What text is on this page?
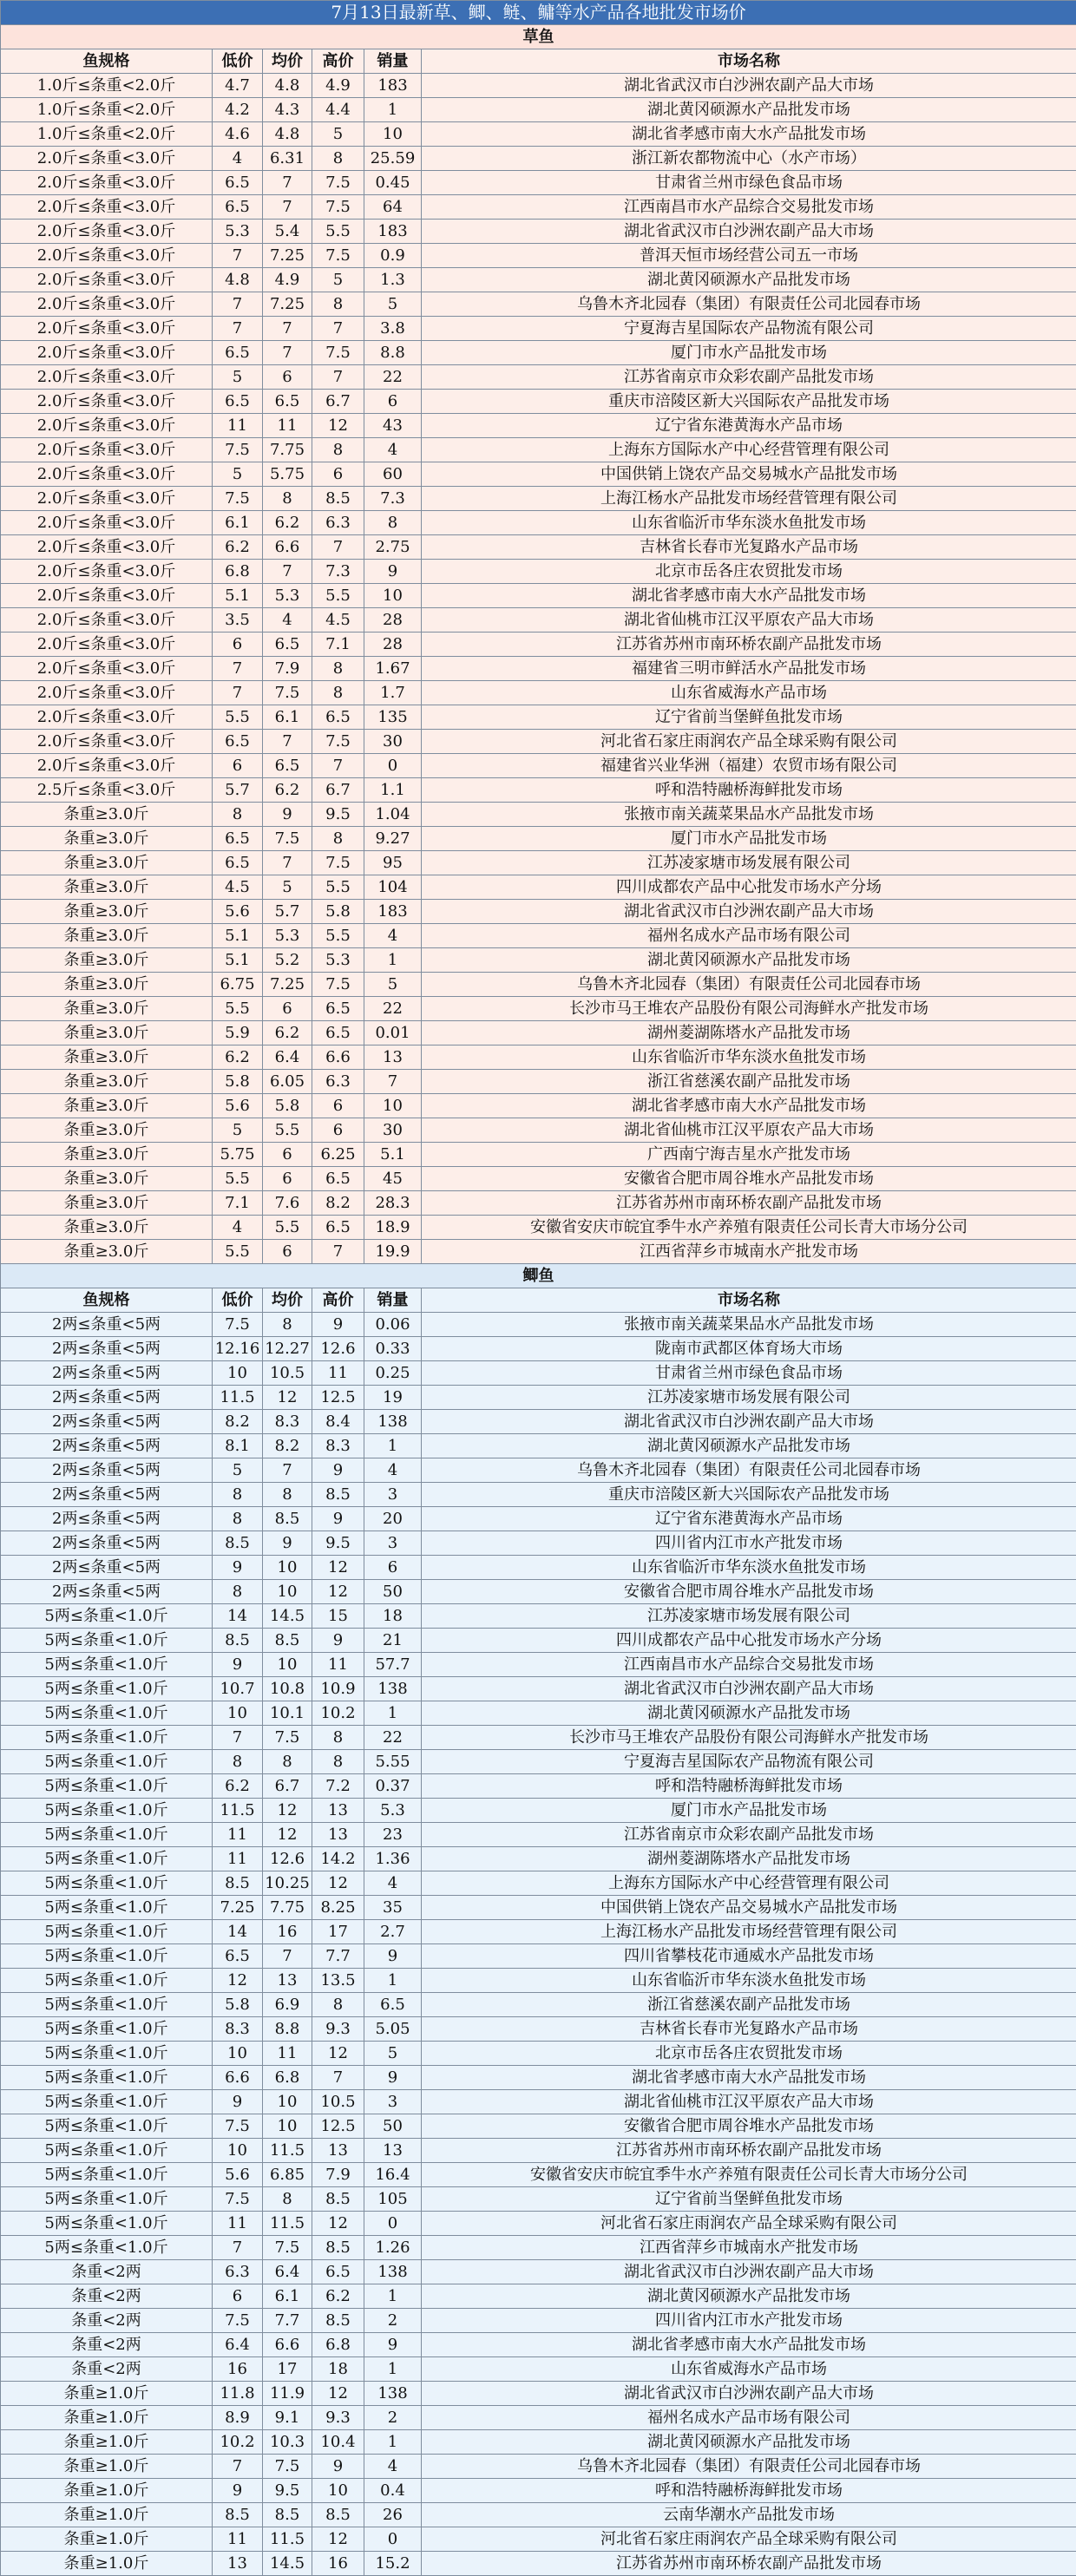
7月13日最新草、鲫、鲢、鳙等水产品各地批发市场价					
草鱼					
鱼规格	低价	均价	高价	销量	市场名称
1.0斤≤条重<2.0斤	4.7	4.8	4.9	183	湖北省武汉市白沙洲农副产品大市场
1.0斤≤条重<2.0斤	4.2	4.3	4.4	1	湖北黄冈硕源水产品批发市场
1.0斤≤条重<2.0斤	4.6	4.8	5	10	湖北省孝感市南大水产品批发市场
2.0斤≤条重<3.0斤	4	6.31	8	25.59	浙江新农都物流中心（水产市场）
2.0斤≤条重<3.0斤	6.5	7	7.5	0.45	甘肃省兰州市绿色食品市场
2.0斤≤条重<3.0斤	6.5	7	7.5	64	江西南昌市水产品综合交易批发市场
2.0斤≤条重<3.0斤	5.3	5.4	5.5	183	湖北省武汉市白沙洲农副产品大市场
2.0斤≤条重<3.0斤	7	7.25	7.5	0.9	普洱天恒市场经营公司五一市场
2.0斤≤条重<3.0斤	4.8	4.9	5	1.3	湖北黄冈硕源水产品批发市场
2.0斤≤条重<3.0斤	7	7.25	8	5	乌鲁木齐北园春（集团）有限责任公司北园春市场
2.0斤≤条重<3.0斤	7	7	7	3.8	宁夏海吉星国际农产品物流有限公司
2.0斤≤条重<3.0斤	6.5	7	7.5	8.8	厦门市水产品批发市场
2.0斤≤条重<3.0斤	5	6	7	22	江苏省南京市众彩农副产品批发市场
2.0斤≤条重<3.0斤	6.5	6.5	6.7	6	重庆市涪陵区新大兴国际农产品批发市场
2.0斤≤条重<3.0斤	11	11	12	43	辽宁省东港黄海水产品市场
2.0斤≤条重<3.0斤	7.5	7.75	8	4	上海东方国际水产中心经营管理有限公司
2.0斤≤条重<3.0斤	5	5.75	6	60	中国供销上饶农产品交易城水产品批发市场
2.0斤≤条重<3.0斤	7.5	8	8.5	7.3	上海江杨水产品批发市场经营管理有限公司
2.0斤≤条重<3.0斤	6.1	6.2	6.3	8	山东省临沂市华东淡水鱼批发市场
2.0斤≤条重<3.0斤	6.2	6.6	7	2.75	吉林省长春市光复路水产品市场
2.0斤≤条重<3.0斤	6.8	7	7.3	9	北京市岳各庄农贸批发市场
2.0斤≤条重<3.0斤	5.1	5.3	5.5	10	湖北省孝感市南大水产品批发市场
2.0斤≤条重<3.0斤	3.5	4	4.5	28	湖北省仙桃市江汉平原农产品大市场
2.0斤≤条重<3.0斤	6	6.5	7.1	28	江苏省苏州市南环桥农副产品批发市场
2.0斤≤条重<3.0斤	7	7.9	8	1.67	福建省三明市鲜活水产品批发市场
2.0斤≤条重<3.0斤	7	7.5	8	1.7	山东省威海水产品市场
2.0斤≤条重<3.0斤	5.5	6.1	6.5	135	辽宁省前当堡鲜鱼批发市场
2.0斤≤条重<3.0斤	6.5	7	7.5	30	河北省石家庄雨润农产品全球采购有限公司
2.0斤≤条重<3.0斤	6	6.5	7	0	福建省兴业华洲（福建）农贸市场有限公司
2.5斤≤条重<3.0斤	5.7	6.2	6.7	1.1	呼和浩特融桥海鲜批发市场
条重≥3.0斤	8	9	9.5	1.04	张掖市南关蔬菜果品水产品批发市场
条重≥3.0斤	6.5	7.5	8	9.27	厦门市水产品批发市场
条重≥3.0斤	6.5	7	7.5	95	江苏凌家塘市场发展有限公司
条重≥3.0斤	4.5	5	5.5	104	四川成都农产品中心批发市场水产分场
条重≥3.0斤	5.6	5.7	5.8	183	湖北省武汉市白沙洲农副产品大市场
条重≥3.0斤	5.1	5.3	5.5	4	福州名成水产品市场有限公司
条重≥3.0斤	5.1	5.2	5.3	1	湖北黄冈硕源水产品批发市场
条重≥3.0斤	6.75	7.25	7.5	5	乌鲁木齐北园春（集团）有限责任公司北园春市场
条重≥3.0斤	5.5	6	6.5	22	长沙市马王堆农产品股份有限公司海鲜水产批发市场
条重≥3.0斤	5.9	6.2	6.5	0.01	湖州菱湖陈塔水产品批发市场
条重≥3.0斤	6.2	6.4	6.6	13	山东省临沂市华东淡水鱼批发市场
条重≥3.0斤	5.8	6.05	6.3	7	浙江省慈溪农副产品批发市场
条重≥3.0斤	5.6	5.8	6	10	湖北省孝感市南大水产品批发市场
条重≥3.0斤	5	5.5	6	30	湖北省仙桃市江汉平原农产品大市场
条重≥3.0斤	5.75	6	6.25	5.1	广西南宁海吉星水产批发市场
条重≥3.0斤	5.5	6	6.5	45	安徽省合肥市周谷堆水产品批发市场
条重≥3.0斤	7.1	7.6	8.2	28.3	江苏省苏州市南环桥农副产品批发市场
条重≥3.0斤	4	5.5	6.5	18.9	安徽省安庆市皖宜季牛水产养殖有限责任公司长青大市场分公司
条重≥3.0斤	5.5	6	7	19.9	江西省萍乡市城南水产批发市场
鲫鱼					
鱼规格	低价	均价	高价	销量	市场名称
2两≤条重<5两	7.5	8	9	0.06	张掖市南关蔬菜果品水产品批发市场
2两≤条重<5两	12.16	12.27	12.6	0.33	陇南市武都区体育场大市场
2两≤条重<5两	10	10.5	11	0.25	甘肃省兰州市绿色食品市场
2两≤条重<5两	11.5	12	12.5	19	江苏凌家塘市场发展有限公司
2两≤条重<5两	8.2	8.3	8.4	138	湖北省武汉市白沙洲农副产品大市场
2两≤条重<5两	8.1	8.2	8.3	1	湖北黄冈硕源水产品批发市场
2两≤条重<5两	5	7	9	4	乌鲁木齐北园春（集团）有限责任公司北园春市场
2两≤条重<5两	8	8	8.5	3	重庆市涪陵区新大兴国际农产品批发市场
2两≤条重<5两	8	8.5	9	20	辽宁省东港黄海水产品市场
2两≤条重<5两	8.5	9	9.5	3	四川省内江市水产批发市场
2两≤条重<5两	9	10	12	6	山东省临沂市华东淡水鱼批发市场
2两≤条重<5两	8	10	12	50	安徽省合肥市周谷堆水产品批发市场
5两≤条重<1.0斤	14	14.5	15	18	江苏凌家塘市场发展有限公司
5两≤条重<1.0斤	8.5	8.5	9	21	四川成都农产品中心批发市场水产分场
5两≤条重<1.0斤	9	10	11	57.7	江西南昌市水产品综合交易批发市场
5两≤条重<1.0斤	10.7	10.8	10.9	138	湖北省武汉市白沙洲农副产品大市场
5两≤条重<1.0斤	10	10.1	10.2	1	湖北黄冈硕源水产品批发市场
5两≤条重<1.0斤	7	7.5	8	22	长沙市马王堆农产品股份有限公司海鲜水产批发市场
5两≤条重<1.0斤	8	8	8	5.55	宁夏海吉星国际农产品物流有限公司
5两≤条重<1.0斤	6.2	6.7	7.2	0.37	呼和浩特融桥海鲜批发市场
5两≤条重<1.0斤	11.5	12	13	5.3	厦门市水产品批发市场
5两≤条重<1.0斤	11	12	13	23	江苏省南京市众彩农副产品批发市场
5两≤条重<1.0斤	11	12.6	14.2	1.36	湖州菱湖陈塔水产品批发市场
5两≤条重<1.0斤	8.5	10.25	12	4	上海东方国际水产中心经营管理有限公司
5两≤条重<1.0斤	7.25	7.75	8.25	35	中国供销上饶农产品交易城水产品批发市场
5两≤条重<1.0斤	14	16	17	2.7	上海江杨水产品批发市场经营管理有限公司
5两≤条重<1.0斤	6.5	7	7.7	9	四川省攀枝花市通威水产品批发市场
5两≤条重<1.0斤	12	13	13.5	1	山东省临沂市华东淡水鱼批发市场
5两≤条重<1.0斤	5.8	6.9	8	6.5	浙江省慈溪农副产品批发市场
5两≤条重<1.0斤	8.3	8.8	9.3	5.05	吉林省长春市光复路水产品市场
5两≤条重<1.0斤	10	11	12	5	北京市岳各庄农贸批发市场
5两≤条重<1.0斤	6.6	6.8	7	9	湖北省孝感市南大水产品批发市场
5两≤条重<1.0斤	9	10	10.5	3	湖北省仙桃市江汉平原农产品大市场
5两≤条重<1.0斤	7.5	10	12.5	50	安徽省合肥市周谷堆水产品批发市场
5两≤条重<1.0斤	10	11.5	13	13	江苏省苏州市南环桥农副产品批发市场
5两≤条重<1.0斤	5.6	6.85	7.9	16.4	安徽省安庆市皖宜季牛水产养殖有限责任公司长青大市场分公司
5两≤条重<1.0斤	7.5	8	8.5	105	辽宁省前当堡鲜鱼批发市场
5两≤条重<1.0斤	11	11.5	12	0	河北省石家庄雨润农产品全球采购有限公司
5两≤条重<1.0斤	7	7.5	8.5	1.26	江西省萍乡市城南水产批发市场
条重<2两	6.3	6.4	6.5	138	湖北省武汉市白沙洲农副产品大市场
条重<2两	6	6.1	6.2	1	湖北黄冈硕源水产品批发市场
条重<2两	7.5	7.7	8.5	2	四川省内江市水产批发市场
条重<2两	6.4	6.6	6.8	9	湖北省孝感市南大水产品批发市场
条重<2两	16	17	18	1	山东省威海水产品市场
条重≥1.0斤	11.8	11.9	12	138	湖北省武汉市白沙洲农副产品大市场
条重≥1.0斤	8.9	9.1	9.3	2	福州名成水产品市场有限公司
条重≥1.0斤	10.2	10.3	10.4	1	湖北黄冈硕源水产品批发市场
条重≥1.0斤	7	7.5	9	4	乌鲁木齐北园春（集团）有限责任公司北园春市场
条重≥1.0斤	9	9.5	10	0.4	呼和浩特融桥海鲜批发市场
条重≥1.0斤	8.5	8.5	8.5	26	云南华潮水产品批发市场
条重≥1.0斤	11	11.5	12	0	河北省石家庄雨润农产品全球采购有限公司
条重≥1.0斤	13	14.5	16	15.2	江苏省苏州市南环桥农副产品批发市场
